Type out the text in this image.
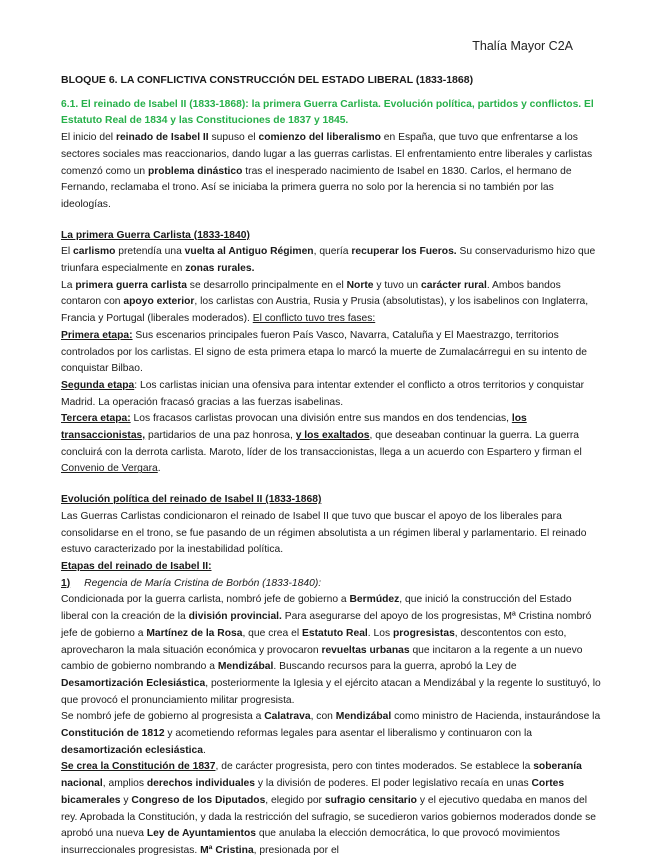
Thalía Mayor C2A

BLOQUE 6. LA CONFLICTIVA CONSTRUCCIÓN DEL ESTADO LIBERAL (1833-1868)

6.1. El reinado de Isabel II (1833-1868): la primera Guerra Carlista. Evolución política, partidos y conflictos. El Estatuto Real de 1834 y las Constituciones de 1837 y 1845.

El inicio del reinado de Isabel II supuso el comienzo del liberalismo en España, que tuvo que enfrentarse a los sectores sociales mas reaccionarios, dando lugar a las guerras carlistas. El enfrentamiento entre liberales y carlistas comenzó como un problema dinástico tras el inesperado nacimiento de Isabel en 1830. Carlos, el hermano de Fernando, reclamaba el trono. Así se iniciaba la primera guerra no solo por la herencia si no también por las ideologías.

La primera Guerra Carlista (1833-1840)

El carlismo pretendía una vuelta al Antiguo Régimen, quería recuperar los Fueros. Su conservadurismo hizo que triunfara especialmente en zonas rurales.

La primera guerra carlista se desarrollo principalmente en el Norte y tuvo un carácter rural. Ambos bandos contaron con apoyo exterior, los carlistas con Austria, Rusia y Prusia (absolutistas), y los isabelinos con Inglaterra, Francia y Portugal (liberales moderados). El conflicto tuvo tres fases:

Primera etapa: Sus escenarios principales fueron País Vasco, Navarra, Cataluña y El Maestrazgo, territorios controlados por los carlistas. El signo de esta primera etapa lo marcó la muerte de Zumalacárregui en su intento de conquistar Bilbao.

Segunda etapa: Los carlistas inician una ofensiva para intentar extender el conflicto a otros territorios y conquistar Madrid. La operación fracasó gracias a las fuerzas isabelinas.

Tercera etapa: Los fracasos carlistas provocan una división entre sus mandos en dos tendencias, los transaccionistas, partidarios de una paz honrosa, y los exaltados, que deseaban continuar la guerra. La guerra concluirá con la derrota carlista. Maroto, líder de los transaccionistas, llega a un acuerdo con Espartero y firman el Convenio de Vergara.

Evolución política del reinado de Isabel II (1833-1868)

Las Guerras Carlistas condicionaron el reinado de Isabel II que tuvo que buscar el apoyo de los liberales para consolidarse en el trono, se fue pasando de un régimen absolutista a un régimen liberal y parlamentario. El reinado estuvo caracterizado por la inestabilidad política.

Etapas del reinado de Isabel II:

1) Regencia de María Cristina de Borbón (1833-1840):

Condicionada por la guerra carlista, nombró jefe de gobierno a Bermúdez, que inició la construcción del Estado liberal con la creación de la división provincial. Para asegurarse del apoyo de los progresistas, Mª Cristina nombró jefe de gobierno a Martínez de la Rosa, que crea el Estatuto Real. Los progresistas, descontentos con esto, aprovecharon la mala situación económica y provocaron revueltas urbanas que incitaron a la regente a un nuevo cambio de gobierno nombrando a Mendizábal. Buscando recursos para la guerra, aprobó la Ley de Desamortización Eclesiástica, posteriormente la Iglesia y el ejército atacan a Mendizábal y la regente lo sustituyó, lo que provocó el pronunciamiento militar progresista.

Se nombró jefe de gobierno al progresista a Calatrava, con Mendizábal como ministro de Hacienda, instaurándose la Constitución de 1812 y acometiendo reformas legales para asentar el liberalismo y continuaron con la desamortización eclesiástica.

Se crea la Constitución de 1837, de carácter progresista, pero con tintes moderados. Se establece la soberanía nacional, amplios derechos individuales y la división de poderes. El poder legislativo recaía en unas Cortes bicamerales y Congreso de los Diputados, elegido por sufragio censitario y el ejecutivo quedaba en manos del rey. Aprobada la Constitución, y dada la restricción del sufragio, se sucedieron varios gobiernos moderados donde se aprobó una nueva Ley de Ayuntamientos que anulaba la elección democrática, lo que provocó movimientos insurreccionales progresistas. Mª Cristina, presionada por el
